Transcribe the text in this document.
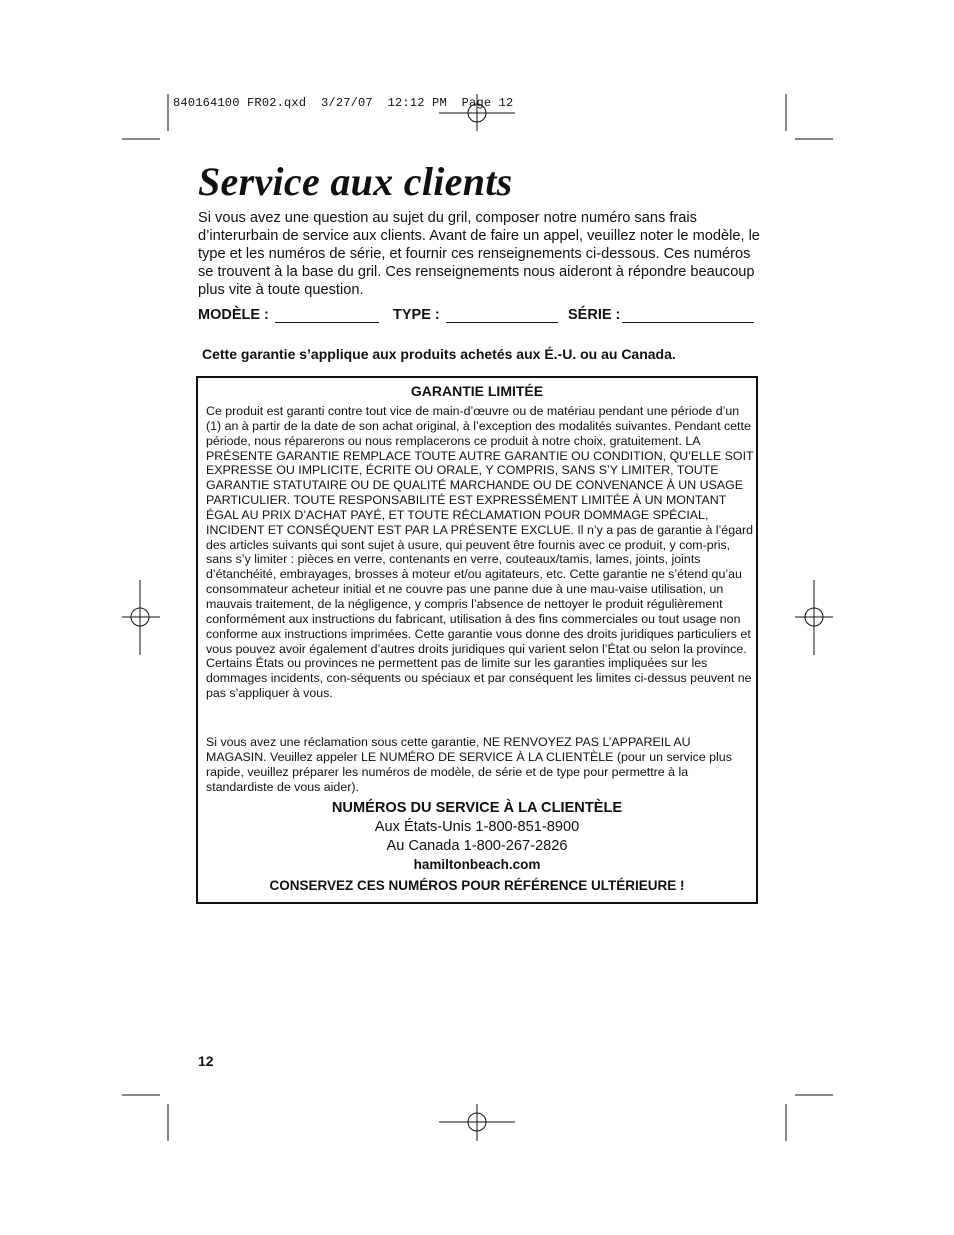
840164100 FR02.qxd  3/27/07  12:12 PM  Page 12
Service aux clients

Si vous avez une question au sujet du gril, composer notre numéro sans frais d’interurbain de service aux clients. Avant de faire un appel, veuillez noter le modèle, le type et les numéros de série, et fournir ces renseignements ci-dessous. Ces numéros se trouvent à la base du gril. Ces renseignements nous aideront à répondre beaucoup plus vite à toute question.

MODÈLE :	TYPE :	SÉRIE :

Cette garantie s’applique aux produits achetés aux É.-U. ou au Canada.

GARANTIE LIMITÉE

Ce produit est garanti contre tout vice de main-d’œuvre ou de matériau pendant une période d’un (1) an à partir de la date de son achat original, à l’exception des modalités suivantes. Pendant cette période, nous réparerons ou nous remplacerons ce produit à notre choix, gratuitement. LA PRÉSENTE GARANTIE REMPLACE TOUTE AUTRE GARANTIE OU CONDITION, QU’ELLE SOIT EXPRESSE OU IMPLICITE, ÉCRITE OU ORALE, Y COMPRIS, SANS S’Y LIMITER, TOUTE GARANTIE STATUTAIRE OU DE QUALITÉ MARCHANDE OU DE CONVENANCE À UN USAGE PARTICULIER. TOUTE RESPONSABILITÉ EST EXPRESSÉMENT LIMITÉE À UN MONTANT ÉGAL AU PRIX D’ACHAT PAYÉ, ET TOUTE RÉCLAMATION POUR DOMMAGE SPÉCIAL, INCIDENT ET CONSÉQUENT EST PAR LA PRÉSENTE EXCLUE. Il n’y a pas de garantie à l’égard des articles suivants qui sont sujet à usure, qui peuvent être fournis avec ce produit, y com-pris, sans s’y limiter : pièces en verre, contenants en verre, couteaux/tamis, lames, joints, joints d’étanchéité, embrayages, brosses à moteur et/ou agitateurs, etc. Cette garantie ne s’étend qu’au consommateur acheteur initial et ne couvre pas une panne due à une mau-vaise utilisation, un mauvais traitement, de la négligence, y compris l’absence de nettoyer le produit régulièrement conformément aux instructions du fabricant, utilisation à des fins commerciales ou tout usage non conforme aux instructions imprimées. Cette garantie vous donne des droits juridiques particuliers et vous pouvez avoir également d’autres droits juridiques qui varient selon l’État ou selon la province. Certains États ou provinces ne permettent pas de limite sur les garanties impliquées sur les dommages incidents, con-séquents ou spéciaux et par conséquent les limites ci-dessus peuvent ne pas s’appliquer à vous.

Si vous avez une réclamation sous cette garantie, NE RENVOYEZ PAS L’APPAREIL AU MAGASIN. Veuillez appeler LE NUMÉRO DE SERVICE À LA CLIENTÈLE (pour un service plus rapide, veuillez préparer les numéros de modèle, de série et de type pour permettre à la standardiste de vous aider).

NUMÉROS DU SERVICE À LA CLIENTÈLE

Aux États-Unis 1-800-851-8900

Au Canada 1-800-267-2826

hamiltonbeach.com

CONSERVEZ CES NUMÉROS POUR RÉFÉRENCE ULTÉRIEURE !

12
